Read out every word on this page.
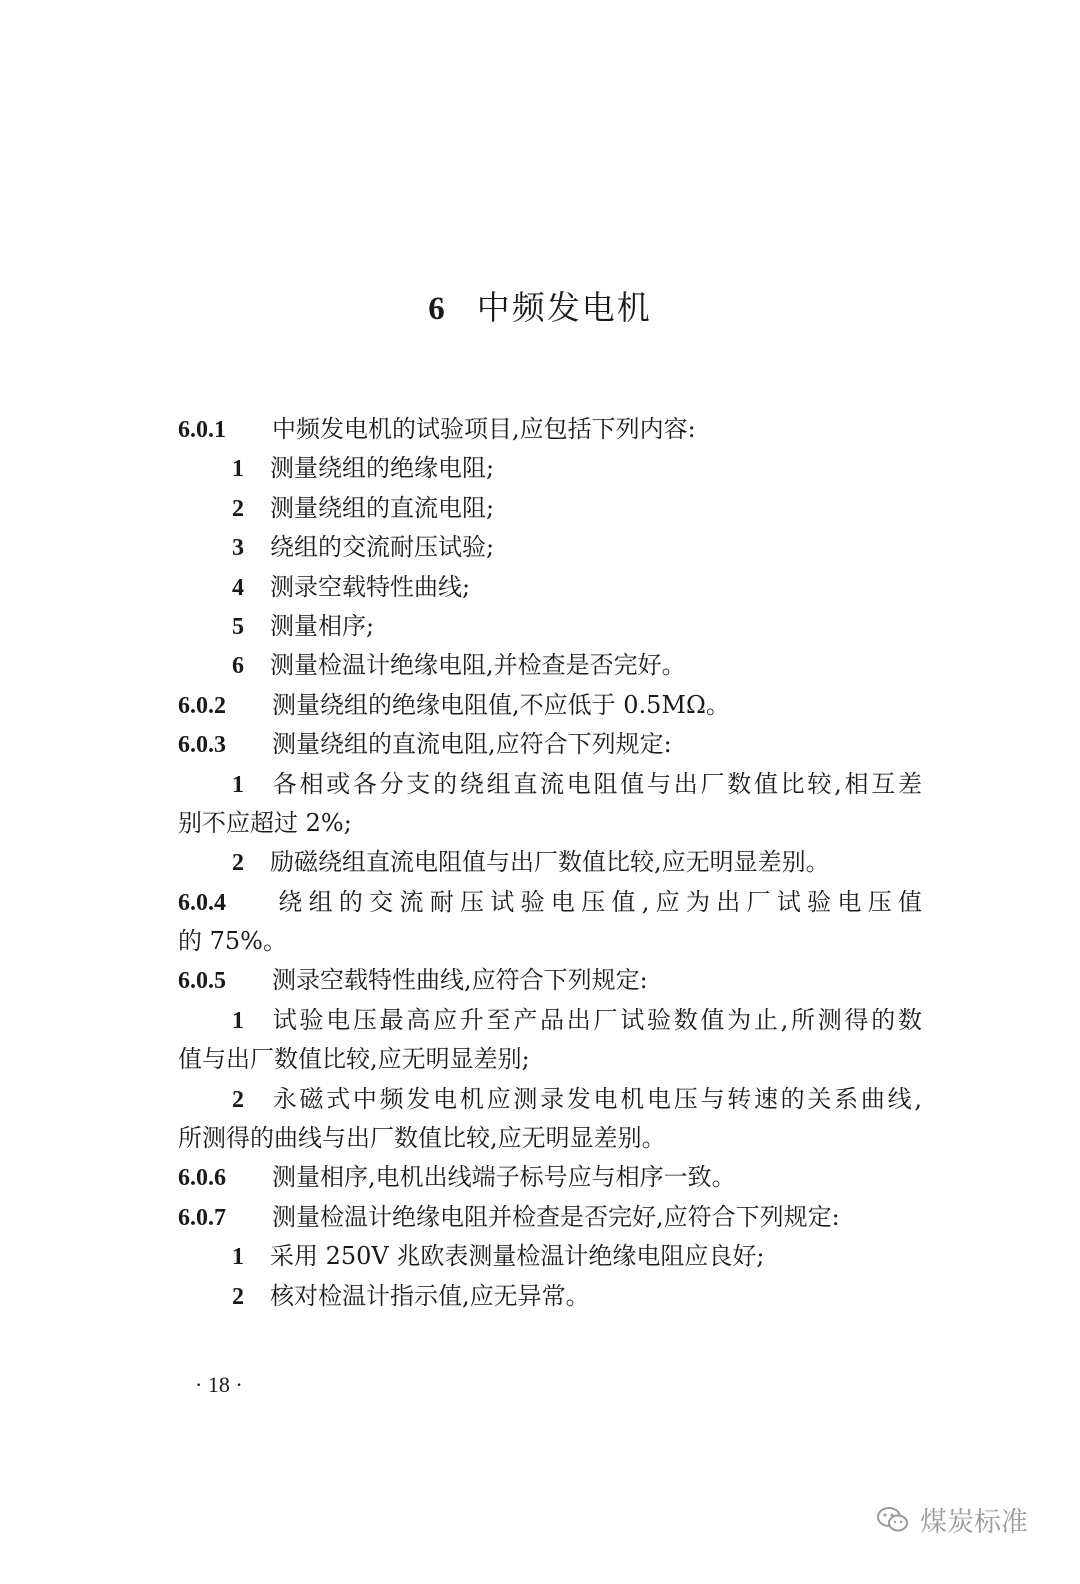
6 中频发电机
6.0.1 中频发电机的试验项目,应包括下列内容:
1 测量绕组的绝缘电阻;
2 测量绕组的直流电阻;
3 绕组的交流耐压试验;
4 测录空载特性曲线;
5 测量相序;
6 测量检温计绝缘电阻,并检查是否完好。
6.0.2 测量绕组的绝缘电阻值,不应低于 0.5MΩ。
6.0.3 测量绕组的直流电阻,应符合下列规定:
1 各相或各分支的绕组直流电阻值与出厂数值比较,相互差
别不应超过 2%;
2 励磁绕组直流电阻值与出厂数值比较,应无明显差别。
6.0.4 绕组的交流耐压试验电压值,应为出厂试验电压值
的 75%。
6.0.5 测录空载特性曲线,应符合下列规定:
1 试验电压最高应升至产品出厂试验数值为止,所测得的数
值与出厂数值比较,应无明显差别;
2 永磁式中频发电机应测录发电机电压与转速的关系曲线,
所测得的曲线与出厂数值比较,应无明显差别。
6.0.6 测量相序,电机出线端子标号应与相序一致。
6.0.7 测量检温计绝缘电阻并检查是否完好,应符合下列规定:
1 采用 250V 兆欧表测量检温计绝缘电阻应良好;
2 核对检温计指示值,应无异常。
· 18 ·
煤炭标准
